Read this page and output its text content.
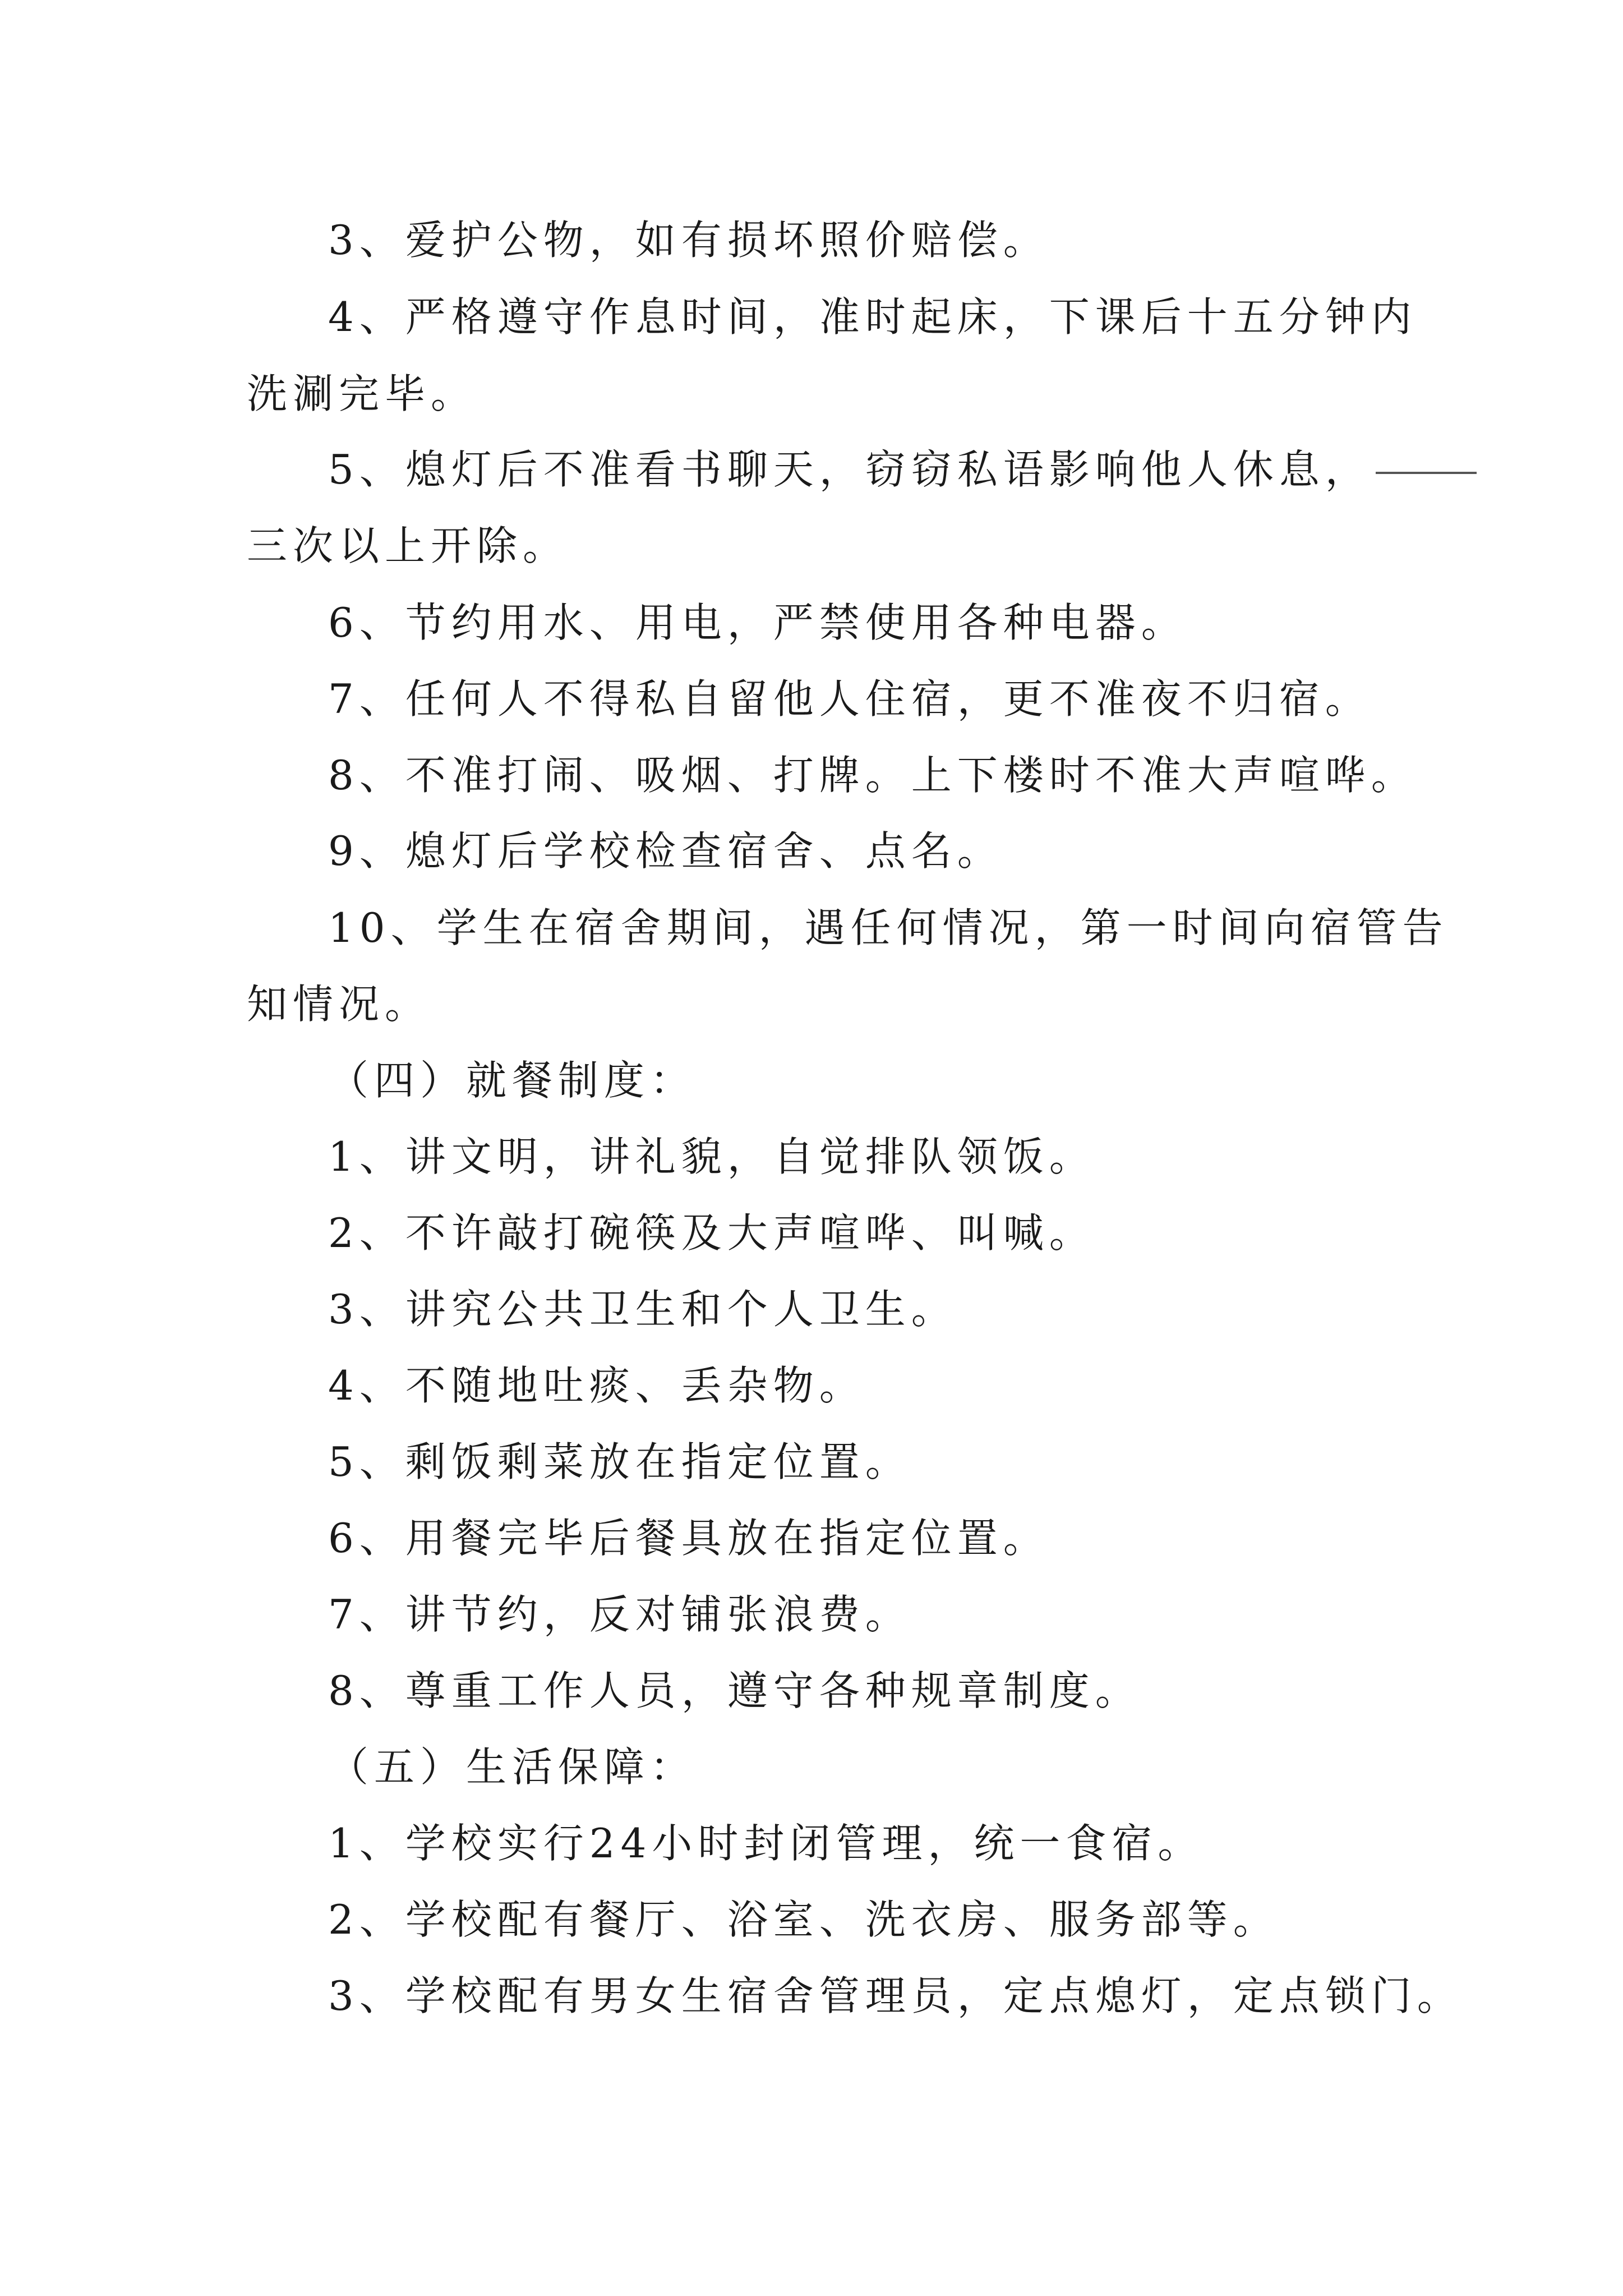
3、爱护公物，如有损坏照价赔偿。
4、严格遵守作息时间，准时起床，下课后十五分钟内
洗涮完毕。
5、熄灯后不准看书聊天，窃窃私语影响他人休息，
三次以上开除。
6、节约用水、用电，严禁使用各种电器。
7、任何人不得私自留他人住宿，更不准夜不归宿。
8、不准打闹、吸烟、打牌。上下楼时不准大声喧哗。
9、熄灯后学校检查宿舍、点名。
10、学生在宿舍期间，遇任何情况，第一时间向宿管告
知情况。
（四）就餐制度：
1、讲文明，讲礼貌，自觉排队领饭。
2、不许敲打碗筷及大声喧哗、叫喊。
3、讲究公共卫生和个人卫生。
4、不随地吐痰、丢杂物。
5、剩饭剩菜放在指定位置。
6、用餐完毕后餐具放在指定位置。
7、讲节约，反对铺张浪费。
8、尊重工作人员，遵守各种规章制度。
（五）生活保障：
1、学校实行24小时封闭管理，统一食宿。
2、学校配有餐厅、浴室、洗衣房、服务部等。
3、学校配有男女生宿舍管理员，定点熄灯，定点锁门。
